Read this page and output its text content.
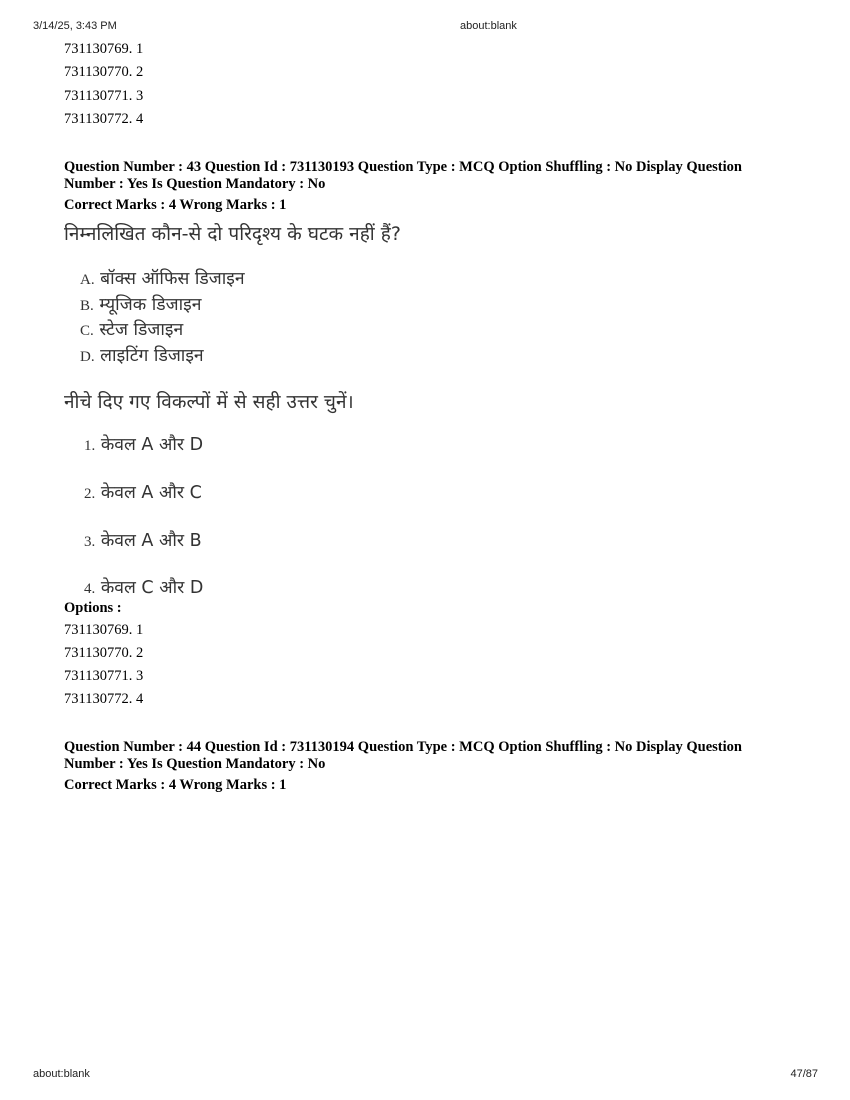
3/14/25, 3:43 PM	about:blank
731130769. 1
731130770. 2
731130771. 3
731130772. 4
Question Number : 43 Question Id : 731130193 Question Type : MCQ Option Shuffling : No Display Question
Number : Yes Is Question Mandatory : No
Correct Marks : 4 Wrong Marks : 1
निम्नलिखित कौन-से दो परिदृश्य के घटक नहीं हैं?
A. बॉक्स ऑफिस डिजाइन
B. म्यूजिक डिजाइन
C. स्टेज डिजाइन
D. लाइटिंग डिजाइन
नीचे दिए गए विकल्पों में से सही उत्तर चुनें।
1. केवल A और D
2. केवल A और C
3. केवल A और B
4. केवल C और D
Options :
731130769. 1
731130770. 2
731130771. 3
731130772. 4
Question Number : 44 Question Id : 731130194 Question Type : MCQ Option Shuffling : No Display Question
Number : Yes Is Question Mandatory : No
Correct Marks : 4 Wrong Marks : 1
about:blank	47/87
